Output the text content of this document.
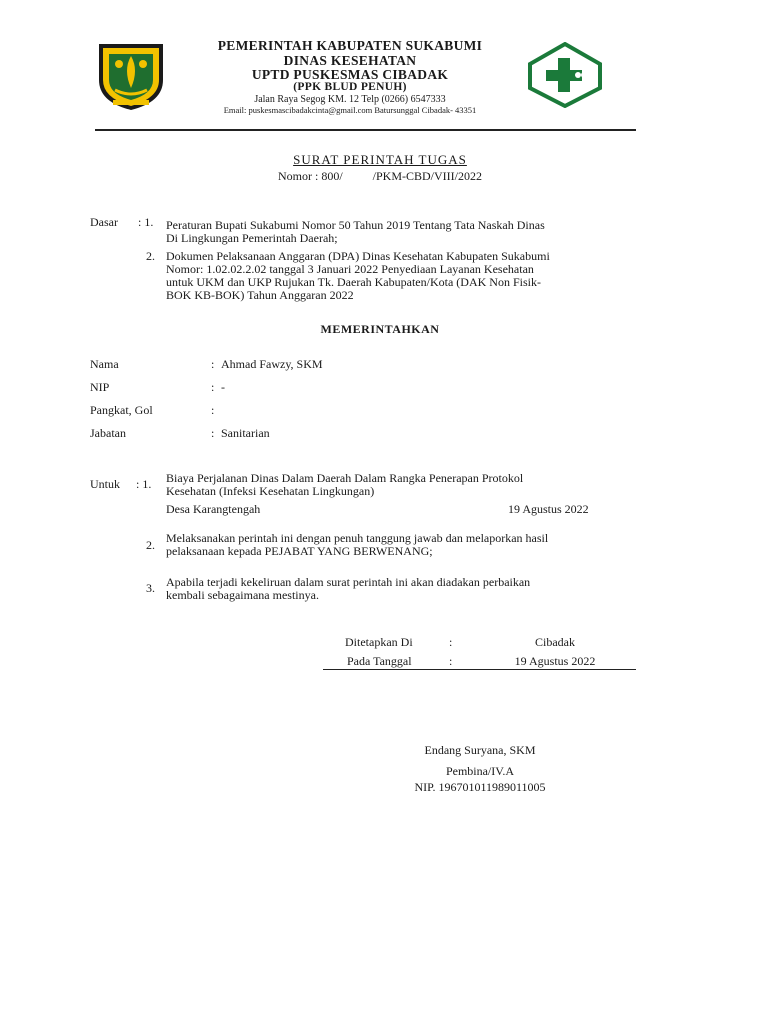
PEMERINTAH KABUPATEN SUKABUMI
DINAS KESEHATAN
UPTD PUSKESMAS CIBADAK
(PPK BLUD PENUH)
Jalan Raya Segog KM. 12 Telp (0266) 6547333
Email: puskesmascibadakcinta@gmail.com Batursunggal Cibadak- 43351
SURAT PERINTAH TUGAS
Nomor : 800/	/PKM-CBD/VIII/2022
Dasar : 1. Peraturan Bupati Sukabumi Nomor 50 Tahun 2019 Tentang Tata Naskah Dinas
Di Lingkungan Pemerintah Daerah;
2. Dokumen Pelaksanaan Anggaran (DPA) Dinas Kesehatan Kabupaten Sukabumi
Nomor: 1.02.02.2.02 tanggal 3 Januari 2022 Penyediaan Layanan Kesehatan
untuk UKM dan UKP Rujukan Tk. Daerah Kabupaten/Kota (DAK Non Fisik-
BOK KB-BOK) Tahun Anggaran 2022
MEMERINTAHKAN
Nama	: Ahmad Fawzy, SKM
NIP	: -
Pangkat, Gol	:
Jabatan	: Sanitarian
Untuk : 1. Biaya Perjalanan Dinas Dalam Daerah Dalam Rangka Penerapan Protokol
Kesehatan (Infeksi Kesehatan Lingkungan)
Desa Karangtengah	19 Agustus 2022
2. Melaksanakan perintah ini dengan penuh tanggung jawab dan melaporkan hasil
pelaksanaan kepada PEJABAT YANG BERWENANG;
3. Apabila terjadi kekeliruan dalam surat perintah ini akan diadakan perbaikan
kembali sebagaimana mestinya.
Ditetapkan Di	:	Cibadak
Pada Tanggal	:	19 Agustus 2022
Endang Suryana, SKM
Pembina/IV.A
NIP. 196701011989011005
